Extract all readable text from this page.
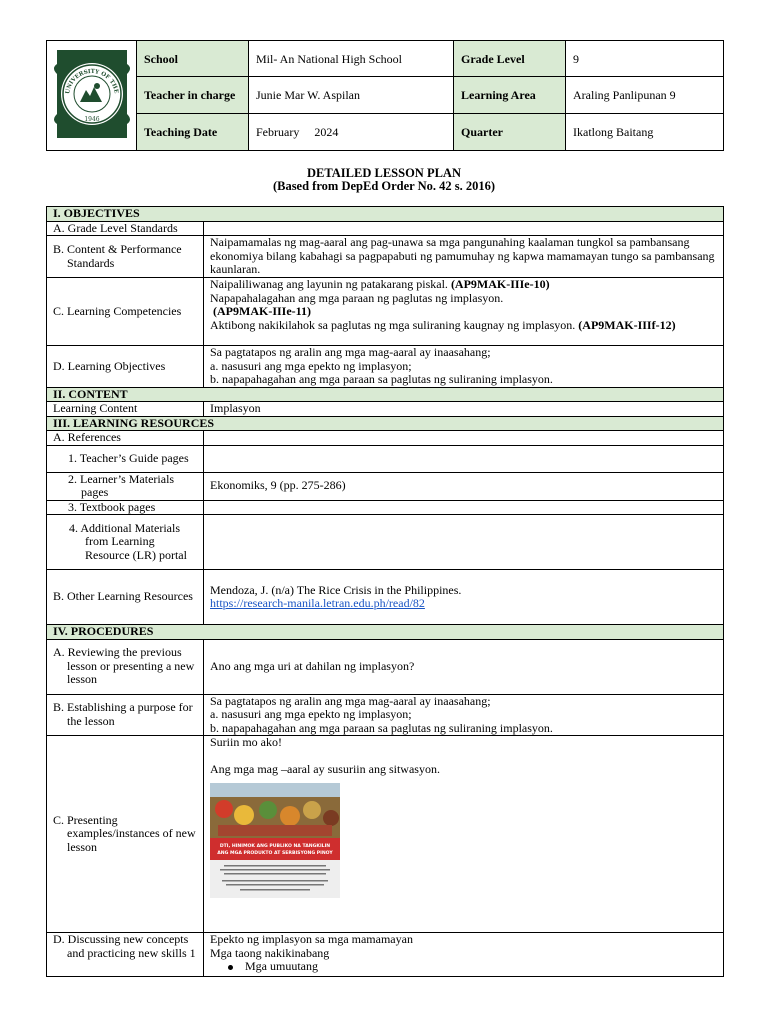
UNIVERSITY OF THE
1946	School	Mil- An National High School	Grade Level	9
	Teacher in charge	Junie Mar W. Aspilan	Learning Area	Araling Panlipunan 9
	Teaching Date	February     2024	Quarter	Ikatlong Baitang
DETAILED LESSON PLAN
(Based from DepEd Order No. 42 s. 2016)
I. OBJECTIVES	
A. Grade Level Standards	
B. Content & Performance Standards	Naipamamalas ng mag-aaral ang pag-unawa sa mga pangunahing kaalaman tungkol sa pambansang ekonomiya bilang kabahagi sa pagpapabuti ng pamumuhay ng kapwa mamamayan tungo sa pambansang kaunlaran.
C. Learning Competencies	Naipaliliwanag ang layunin ng patakarang piskal. (AP9MAK-IIIe-10)
Napapahalagahan ang mga paraan ng paglutas ng implasyon.
(AP9MAK-IIIe-11)
Aktibong nakikilahok sa paglutas ng mga suliraning kaugnay ng implasyon. (AP9MAK-IIIf-12)

D. Learning Objectives	Sa pagtatapos ng aralin ang mga mag-aaral ay inaasahang;
a. nasusuri ang mga epekto ng implasyon;
b. napapahagahan ang mga paraan sa paglutas ng suliraning implasyon.

II. CONTENT	
Learning Content	Implasyon
III. LEARNING RESOURCES	
A. References	
1. Teacher’s Guide pages	
2. Learner’s Materials pages	Ekonomiks, 9 (pp. 275-286)
3. Textbook pages	
4. Additional Materials from Learning Resource (LR) portal	
B. Other Learning Resources	Mendoza, J. (n/a) The Rice Crisis in the Philippines.
https://research-manila.letran.edu.ph/read/82

IV. PROCEDURES	
A. Reviewing the previous lesson or presenting a new lesson	Ano ang mga uri at dahilan ng implasyon?
B. Establishing a purpose for the lesson	Sa pagtatapos ng aralin ang mga mag-aaral ay inaasahang;
a. nasusuri ang mga epekto ng implasyon;
b. napapahagahan ang mga paraan sa paglutas ng suliraning implasyon.

C. Presenting examples/instances of new lesson	Suriin mo ako!

Ang mga mag –aaral ay susuriin ang sitwasyon.
DTI, HINIMOK ANG PUBLIKO NA TANGKILIN
ANG MGA PRODUKTO AT SERBISYONG PINOY

D. Discussing new concepts and practicing new skills 1	Epekto ng implasyon sa mga mamamayan
Mga taong nakikinabang
Mga umuutang
